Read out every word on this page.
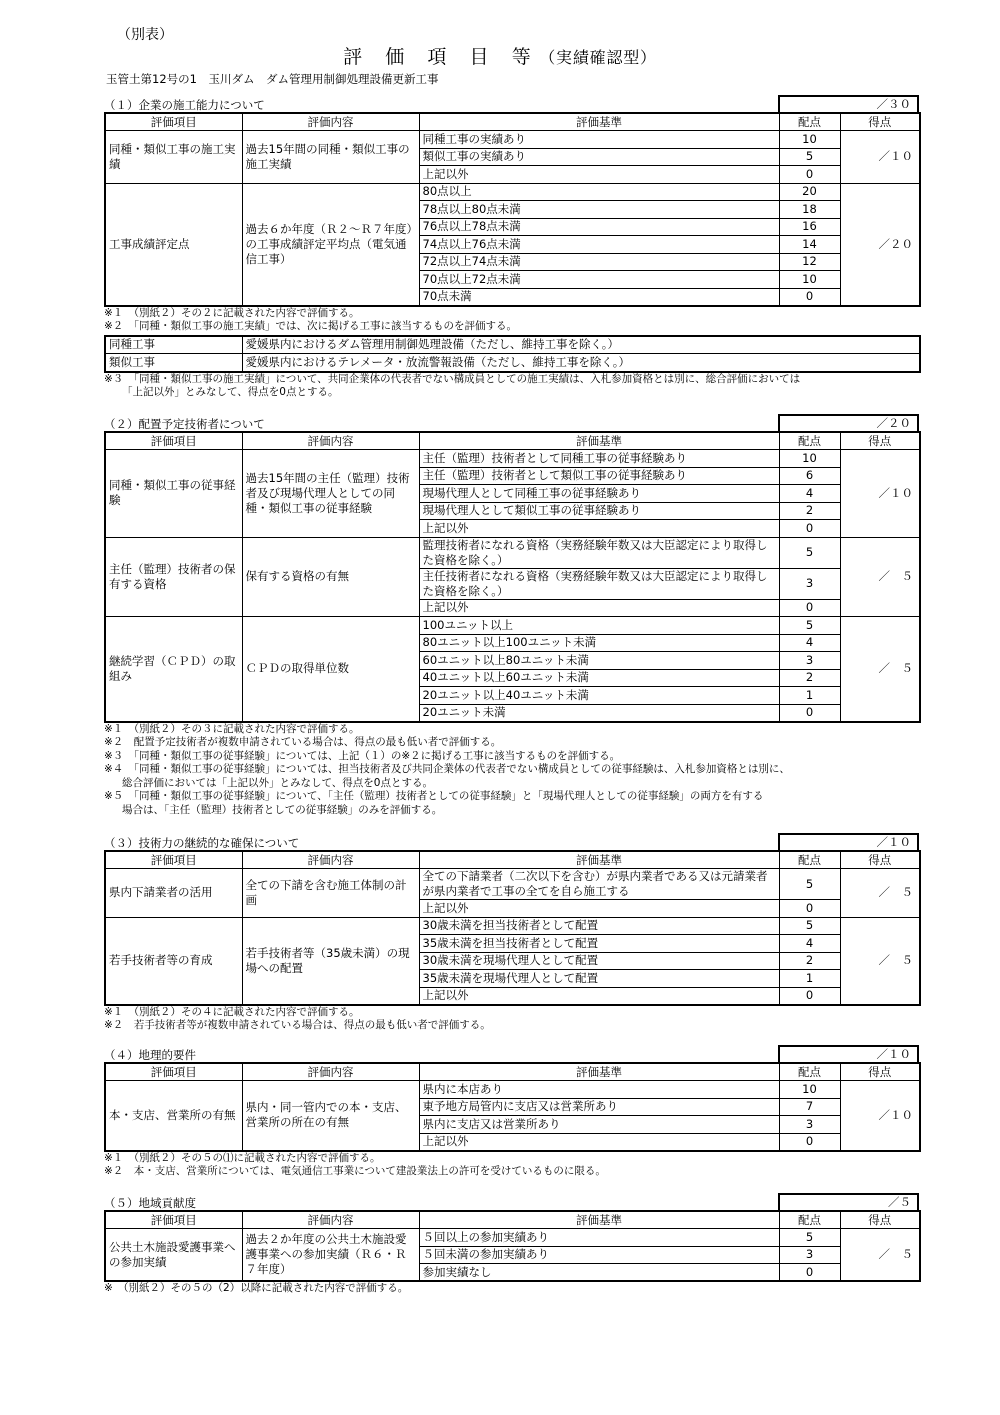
（別表）
評 価 項 目 等（実績確認型）
玉管土第12号の1　玉川ダム　ダム管理用制御処理設備更新工事
（１）企業の施工能力について	／３０
評価項目	評価内容	評価基準	配点	得点
同種・類似工事の施工実績	過去15年間の同種・類似工事の施工実績	同種工事の実績あり	10	／１０
		類似工事の実績あり	5	
		上記以外	0	
工事成績評定点	過去６か年度（Ｒ２～Ｒ７年度）の工事成績評定平均点（電気通信工事）	80点以上	20	／２０
		78点以上80点未満	18	
		76点以上78点未満	16	
		74点以上76点未満	14	
		72点以上74点未満	12	
		70点以上72点未満	10	
		70点未満	0	
※１　（別紙２）その２に記載された内容で評価する。
※２　「同種・類似工事の施工実績」では、次に掲げる工事に該当するものを評価する。
同種工事	愛媛県内におけるダム管理用制御処理設備（ただし、維持工事を除く。）
類似工事	愛媛県内におけるテレメータ・放流警報設備（ただし、維持工事を除く。）
※３　「同種・類似工事の施工実績」について、共同企業体の代表者でない構成員としての施工実績は、入札参加資格とは別に、総合評価においては
「上記以外」とみなして、得点を0点とする。
（２）配置予定技術者について	／２０
評価項目	評価内容	評価基準	配点	得点
同種・類似工事の従事経験	過去15年間の主任（監理）技術者及び現場代理人としての同種・類似工事の従事経験	主任（監理）技術者として同種工事の従事経験あり	10	／１０
		主任（監理）技術者として類似工事の従事経験あり	6	
		現場代理人として同種工事の従事経験あり	4	
		現場代理人として類似工事の従事経験あり	2	
		上記以外	0	
主任（監理）技術者の保有する資格	保有する資格の有無	監理技術者になれる資格（実務経験年数又は大臣認定により取得した資格を除く。）	5	／　５
		主任技術者になれる資格（実務経験年数又は大臣認定により取得した資格を除く。）	3	
		上記以外	0	
継続学習（ＣＰＤ）の取組み	ＣＰＤの取得単位数	100ユニット以上	5	／　５
		80ユニット以上100ユニット未満	4	
		60ユニット以上80ユニット未満	3	
		40ユニット以上60ユニット未満	2	
		20ユニット以上40ユニット未満	1	
		20ユニット未満	0	
※１　（別紙２）その３に記載された内容で評価する。
※２　配置予定技術者が複数申請されている場合は、得点の最も低い者で評価する。
※３　「同種・類似工事の従事経験」については、上記（１）の※２に掲げる工事に該当するものを評価する。
※４　「同種・類似工事の従事経験」については、担当技術者及び共同企業体の代表者でない構成員としての従事経験は、入札参加資格とは別に、
総合評価においては「上記以外」とみなして、得点を0点とする。
※５　「同種・類似工事の従事経験」について、「主任（監理）技術者としての従事経験」と「現場代理人としての従事経験」の両方を有する
場合は、「主任（監理）技術者としての従事経験」のみを評価する。
（３）技術力の継続的な確保について	／１０
評価項目	評価内容	評価基準	配点	得点
県内下請業者の活用	全ての下請を含む施工体制の計画	全ての下請業者（二次以下を含む）が県内業者である又は元請業者が県内業者で工事の全てを自ら施工する	5	／　５
		上記以外	0	
若手技術者等の育成	若手技術者等（35歳未満）の現場への配置	30歳未満を担当技術者として配置	5	／　５
		35歳未満を担当技術者として配置	4	
		30歳未満を現場代理人として配置	2	
		35歳未満を現場代理人として配置	1	
		上記以外	0	
※１　（別紙２）その４に記載された内容で評価する。
※２　若手技術者等が複数申請されている場合は、得点の最も低い者で評価する。
（４）地理的要件	／１０
評価項目	評価内容	評価基準	配点	得点
本・支店、営業所の有無	県内・同一管内での本・支店、営業所の所在の有無	県内に本店あり	10	／１０
		東予地方局管内に支店又は営業所あり	7	
		県内に支店又は営業所あり	3	
		上記以外	0	
※１　（別紙２）その５の⑴に記載された内容で評価する。
※２　本・支店、営業所については、電気通信工事業について建設業法上の許可を受けているものに限る。
（５）地域貢献度	／５
評価項目	評価内容	評価基準	配点	得点
公共土木施設愛護事業への参加実績	過去２か年度の公共土木施設愛護事業への参加実績（Ｒ６・Ｒ７年度）	５回以上の参加実績あり	5	／　５
		５回未満の参加実績あり	3	
		参加実績なし	0	
※　（別紙２）その５の（2）以降に記載された内容で評価する。
